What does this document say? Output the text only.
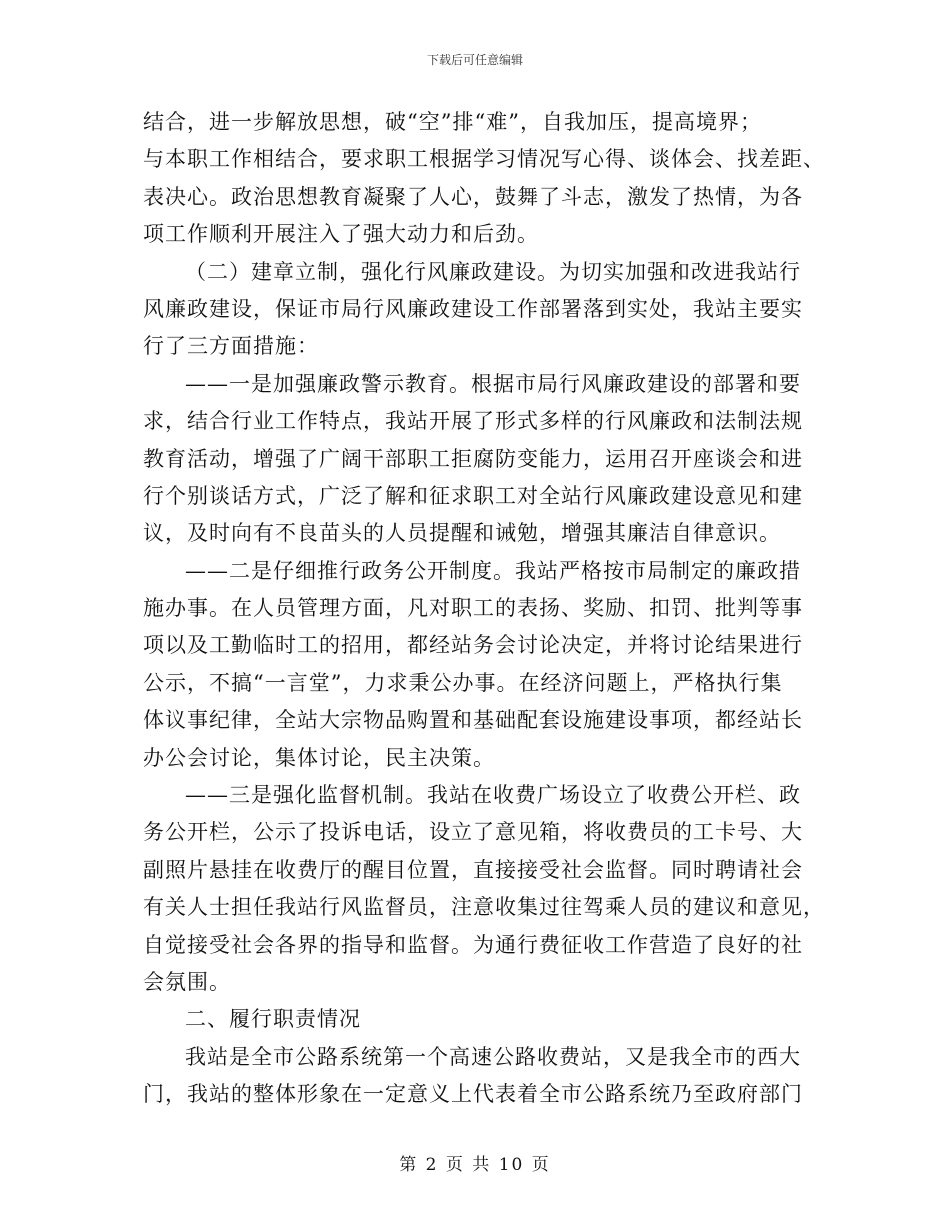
下载后可任意编辑
结合，进一步解放思想，破“空”排“难”，自我加压，提高境界；
与本职工作相结合，要求职工根据学习情况写心得、谈体会、找差距、
表决心。政治思想教育凝聚了人心，鼓舞了斗志，激发了热情，为各
项工作顺利开展注入了强大动力和后劲。
（二）建章立制，强化行风廉政建设。为切实加强和改进我站行
风廉政建设，保证市局行风廉政建设工作部署落到实处，我站主要实
行了三方面措施：
——一是加强廉政警示教育。根据市局行风廉政建设的部署和要
求，结合行业工作特点，我站开展了形式多样的行风廉政和法制法规
教育活动，增强了广阔干部职工拒腐防变能力，运用召开座谈会和进
行个别谈话方式，广泛了解和征求职工对全站行风廉政建设意见和建
议，及时向有不良苗头的人员提醒和诫勉，增强其廉洁自律意识。
——二是仔细推行政务公开制度。我站严格按市局制定的廉政措
施办事。在人员管理方面，凡对职工的表扬、奖励、扣罚、批判等事
项以及工勤临时工的招用，都经站务会讨论决定，并将讨论结果进行
公示，不搞“一言堂”，力求秉公办事。在经济问题上，严格执行集
体议事纪律，全站大宗物品购置和基础配套设施建设事项，都经站长
办公会讨论，集体讨论，民主决策。
——三是强化监督机制。我站在收费广场设立了收费公开栏、政
务公开栏，公示了投诉电话，设立了意见箱，将收费员的工卡号、大
副照片悬挂在收费厅的醒目位置，直接接受社会监督。同时聘请社会
有关人士担任我站行风监督员，注意收集过往驾乘人员的建议和意见，
自觉接受社会各界的指导和监督。为通行费征收工作营造了良好的社
会氛围。
二、履行职责情况
我站是全市公路系统第一个高速公路收费站，又是我全市的西大
门，我站的整体形象在一定意义上代表着全市公路系统乃至政府部门
第 2 页 共 10 页
